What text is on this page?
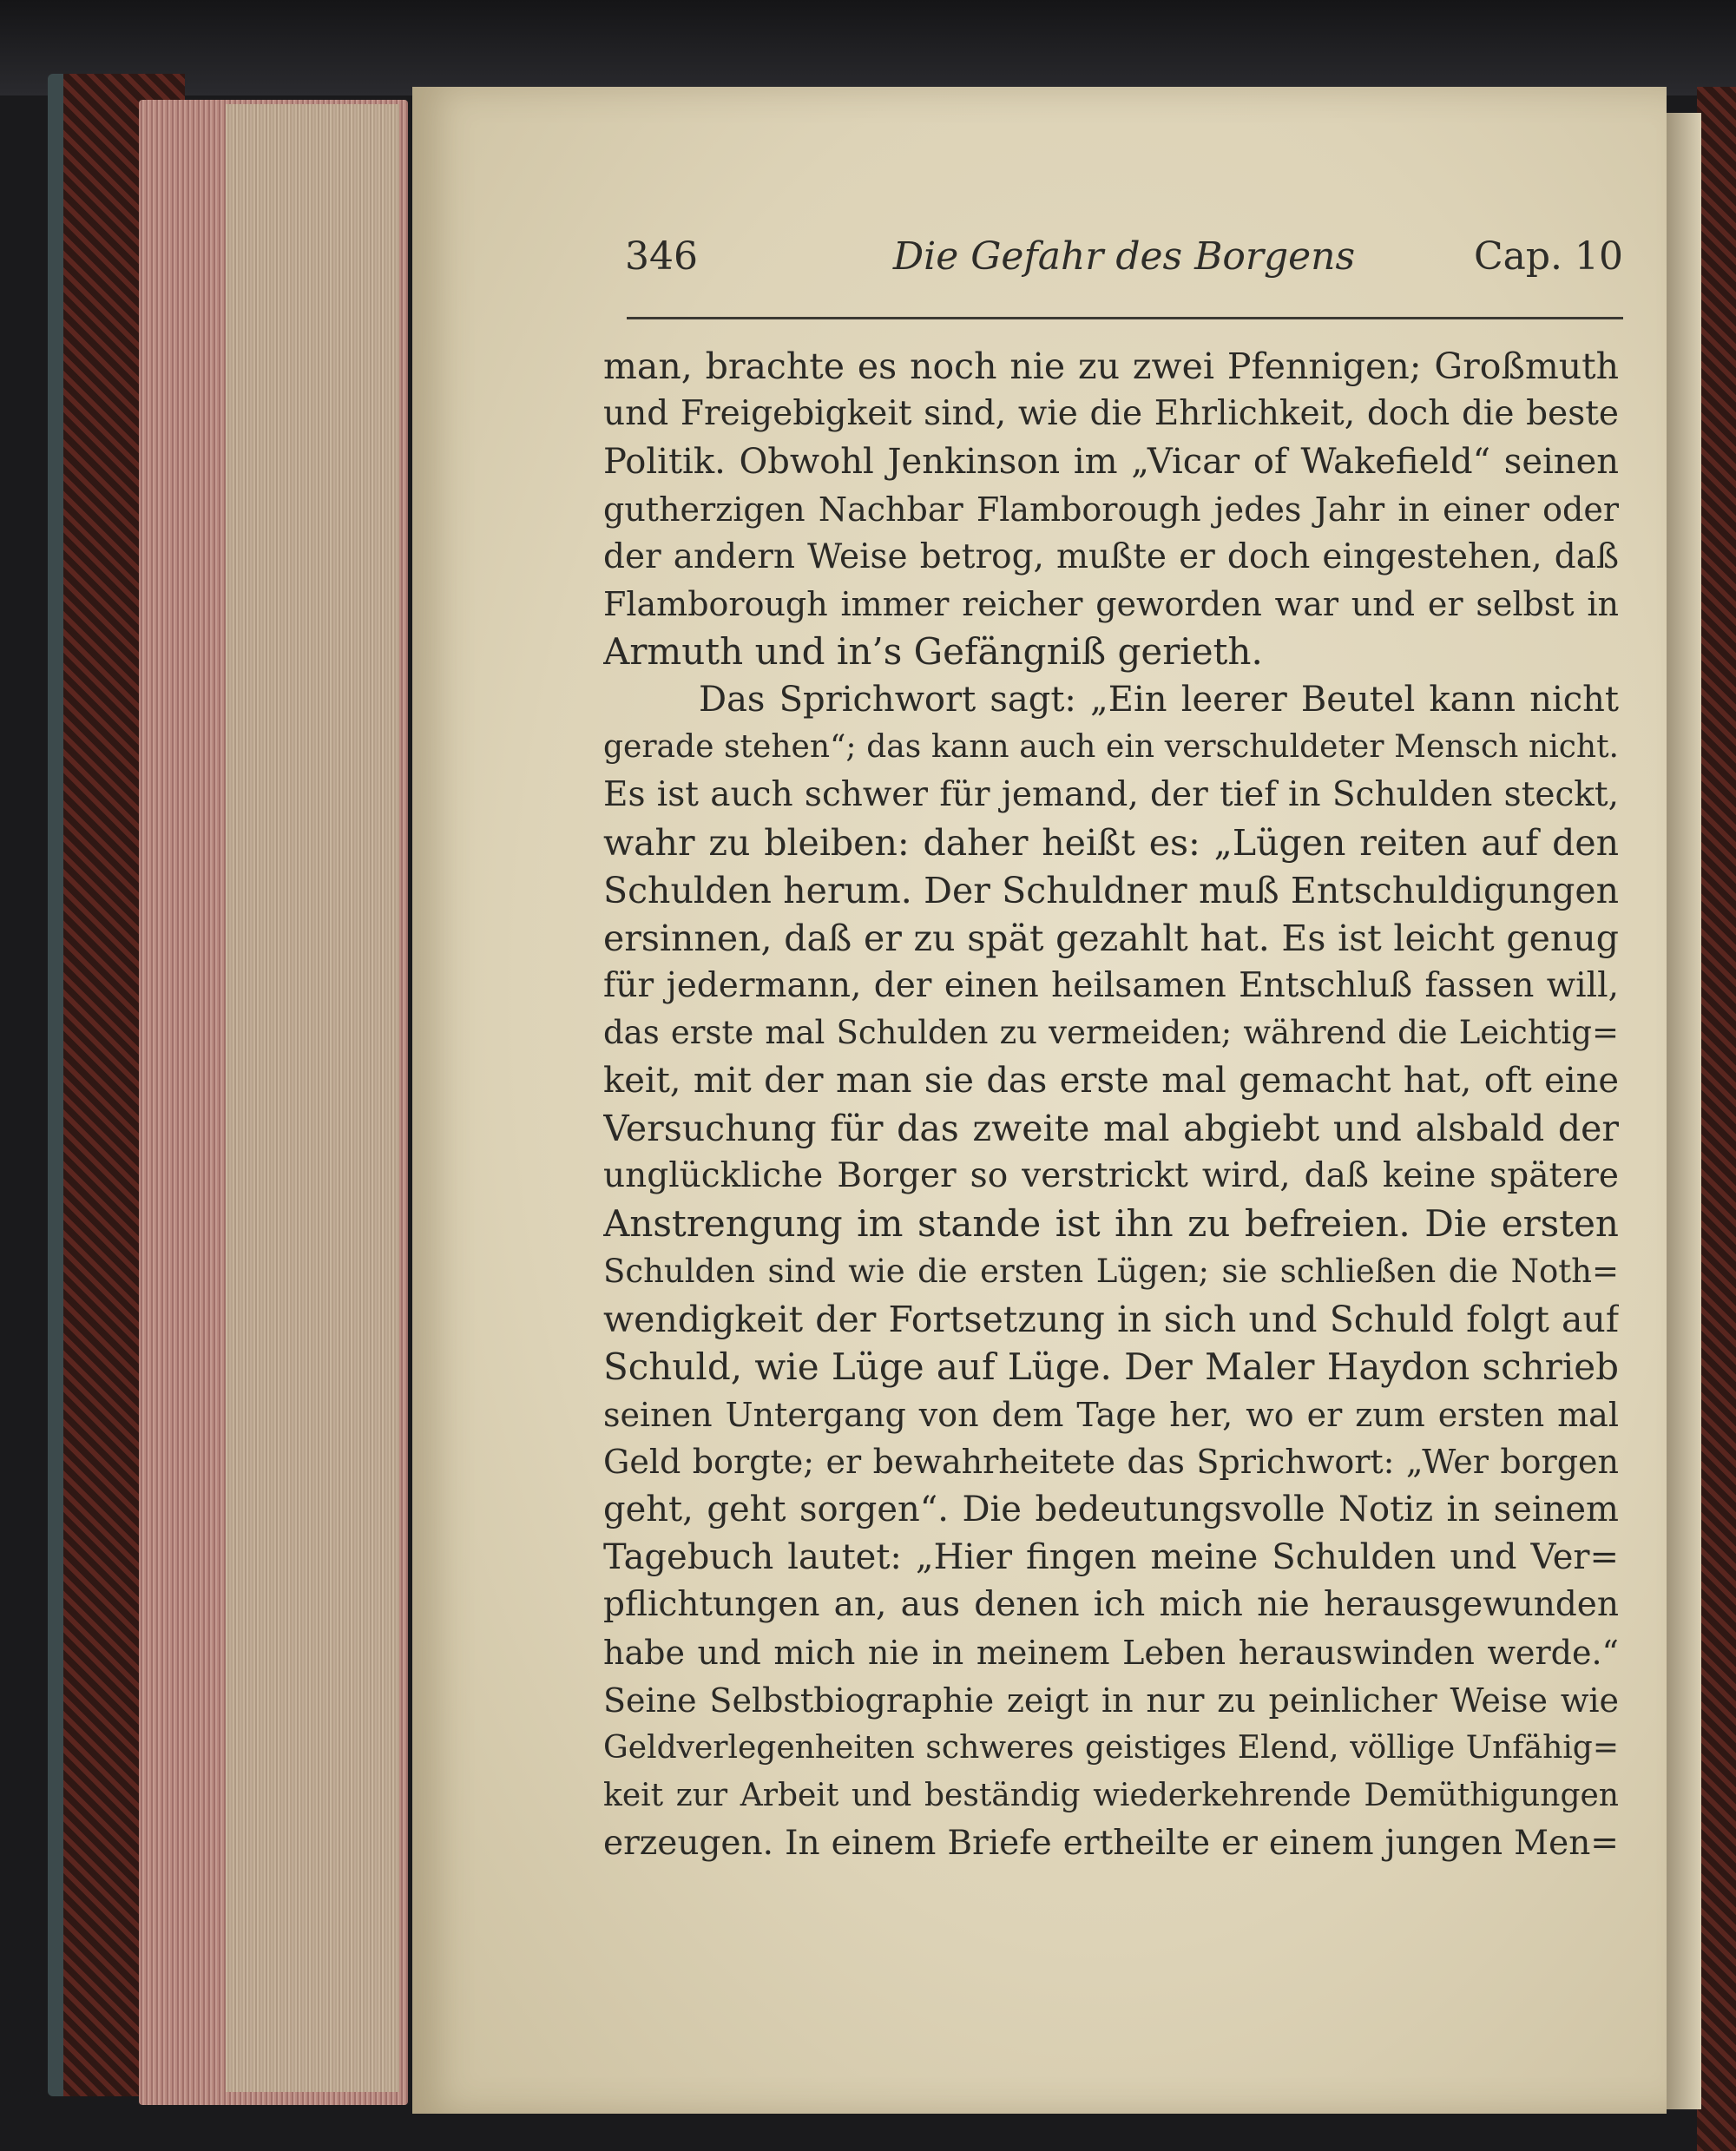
346	Die Gefahr des Borgens	Cap. 10
man, brachte es noch nie zu zwei Pfennigen; Großmuth
und Freigebigkeit sind, wie die Ehrlichkeit, doch die beste
Politik. Obwohl Jenkinson im „Vicar of Wakefield“ seinen
gutherzigen Nachbar Flamborough jedes Jahr in einer oder
der andern Weise betrog, mußte er doch eingestehen, daß
Flamborough immer reicher geworden war und er selbst in
Armuth und in’s Gefängniß gerieth.
Das Sprichwort sagt: „Ein leerer Beutel kann nicht
gerade stehen“; das kann auch ein verschuldeter Mensch nicht.
Es ist auch schwer für jemand, der tief in Schulden steckt,
wahr zu bleiben: daher heißt es: „Lügen reiten auf den
Schulden herum. Der Schuldner muß Entschuldigungen
ersinnen, daß er zu spät gezahlt hat. Es ist leicht genug
für jedermann, der einen heilsamen Entschluß fassen will,
das erste mal Schulden zu vermeiden; während die Leichtig=
keit, mit der man sie das erste mal gemacht hat, oft eine
Versuchung für das zweite mal abgiebt und alsbald der
unglückliche Borger so verstrickt wird, daß keine spätere
Anstrengung im stande ist ihn zu befreien. Die ersten
Schulden sind wie die ersten Lügen; sie schließen die Noth=
wendigkeit der Fortsetzung in sich und Schuld folgt auf
Schuld, wie Lüge auf Lüge. Der Maler Haydon schrieb
seinen Untergang von dem Tage her, wo er zum ersten mal
Geld borgte; er bewahrheitete das Sprichwort: „Wer borgen
geht, geht sorgen“. Die bedeutungsvolle Notiz in seinem
Tagebuch lautet: „Hier fingen meine Schulden und Ver=
pflichtungen an, aus denen ich mich nie herausgewunden
habe und mich nie in meinem Leben herauswinden werde.“
Seine Selbstbiographie zeigt in nur zu peinlicher Weise wie
Geldverlegenheiten schweres geistiges Elend, völlige Unfähig=
keit zur Arbeit und beständig wiederkehrende Demüthigungen
erzeugen. In einem Briefe ertheilte er einem jungen Men=
